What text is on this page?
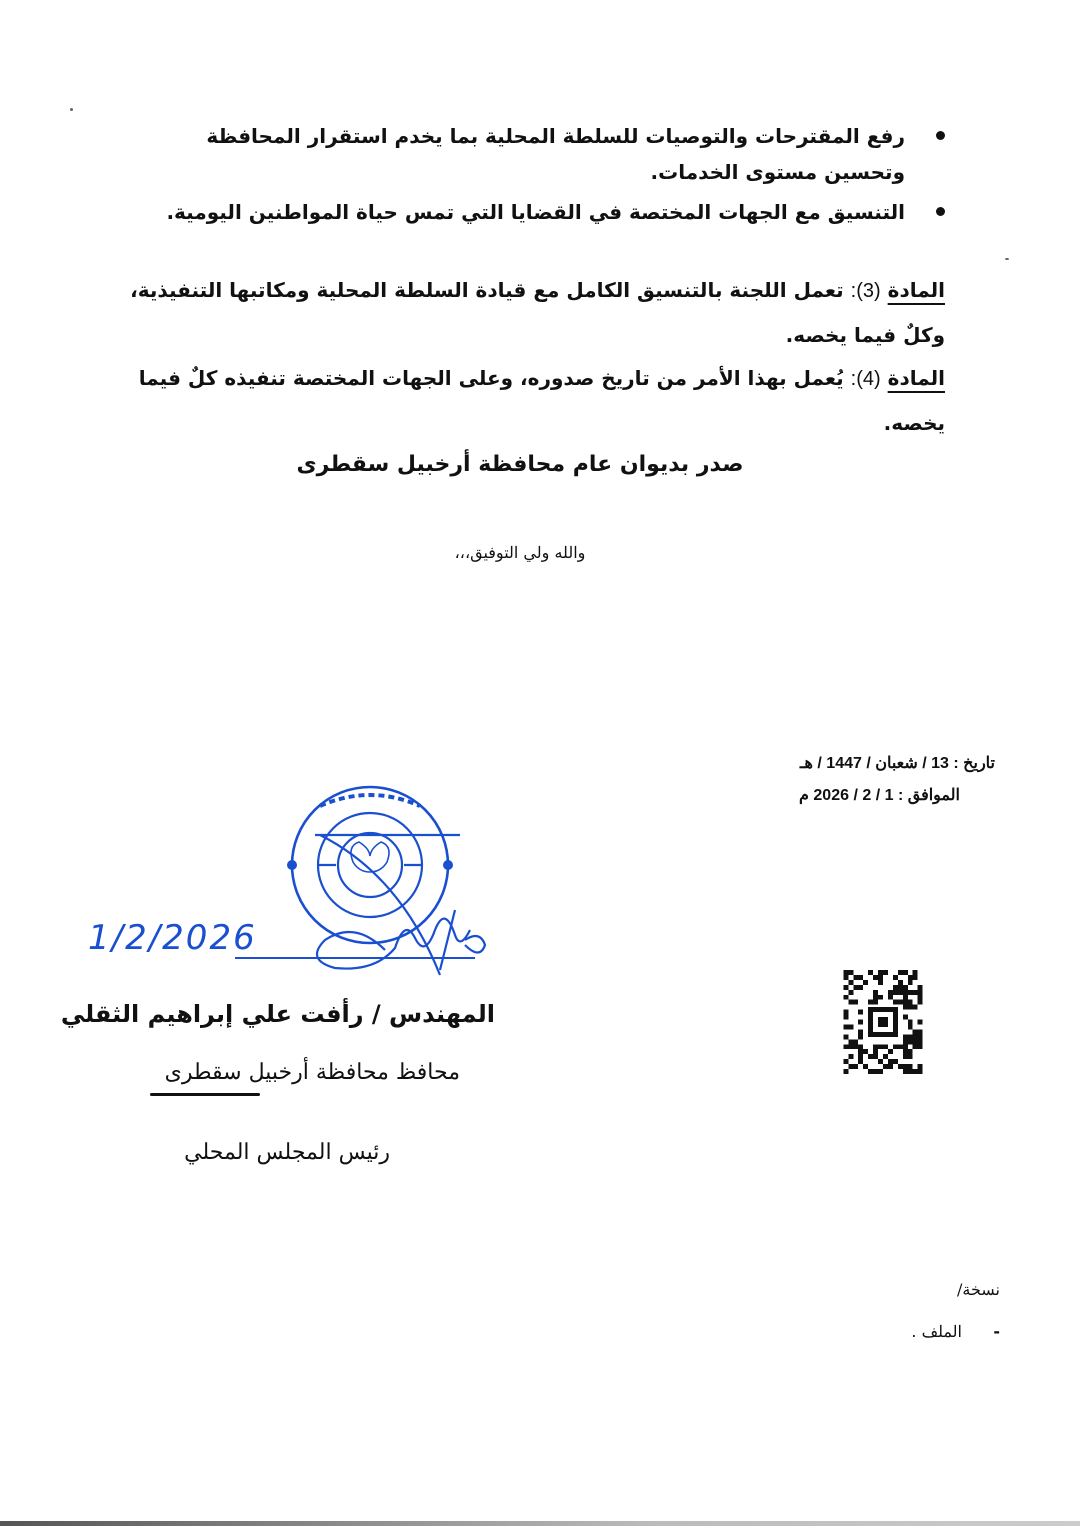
رفع المقترحات والتوصيات للسلطة المحلية بما يخدم استقرار المحافظة وتحسين مستوى الخدمات.
التنسيق مع الجهات المختصة في القضايا التي تمس حياة المواطنين اليومية.
المادة (3): تعمل اللجنة بالتنسيق الكامل مع قيادة السلطة المحلية ومكاتبها التنفيذية، وكلٌ فيما يخصه.
المادة (4): يُعمل بهذا الأمر من تاريخ صدوره، وعلى الجهات المختصة تنفيذه كلٌ فيما يخصه.
صدر بديوان عام محافظة أرخبيل سقطرى
والله ولي التوفيق،،،
تاريخ : 13 / شعبان / 1447 / هـ
الموافق : 1 / 2 / 2026 م
1/2/2026
المهندس / رأفت علي إبراهيم الثقلي
محافظ محافظة أرخبيل سقطرى
رئيس المجلس المحلي
نسخة/
-
الملف .
